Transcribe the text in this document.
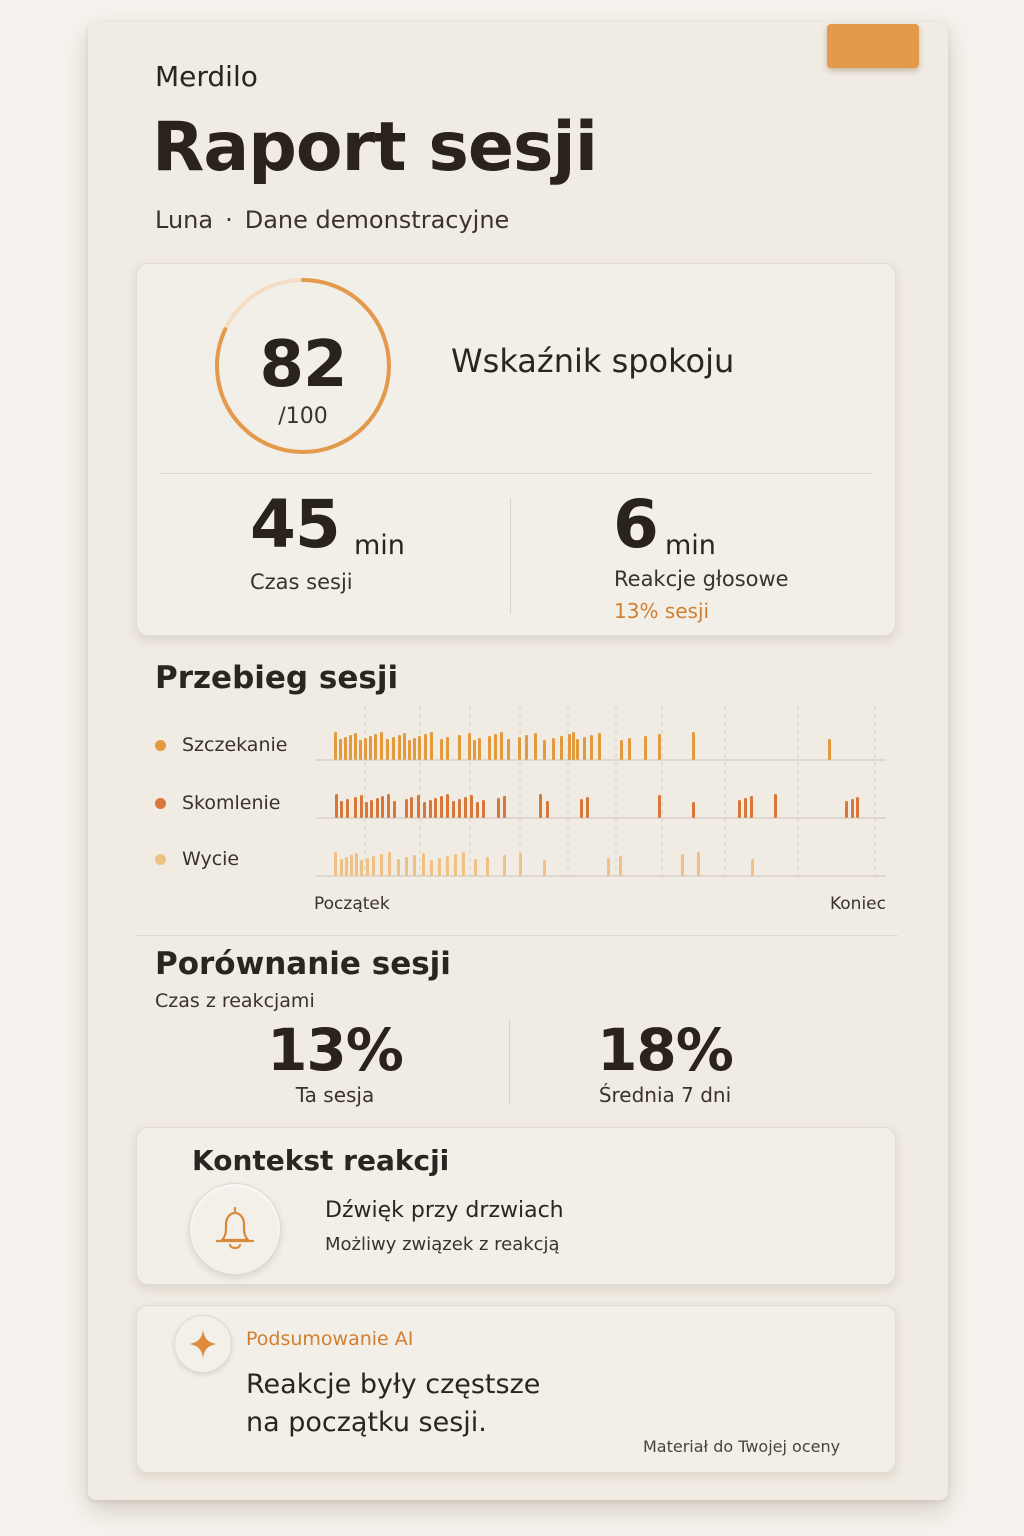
Merdilo
Raport sesji
Luna · Dane demonstracyjne
82
/100
Wskaźnik spokoju
45 min
Czas sesji
6 min
Reakcje głosowe
13% sesji
Przebieg sesji
Szczekanie
Skomlenie
Wycie
Początek	Koniec
Porównanie sesji
Czas z reakcjami
13%
Ta sesja
18%
Średnia 7 dni
Kontekst reakcji
Dźwięk przy drzwiach
Możliwy związek z reakcją
Podsumowanie AI
Reakcje były częstsze
na początku sesji.
Materiał do Twojej oceny
